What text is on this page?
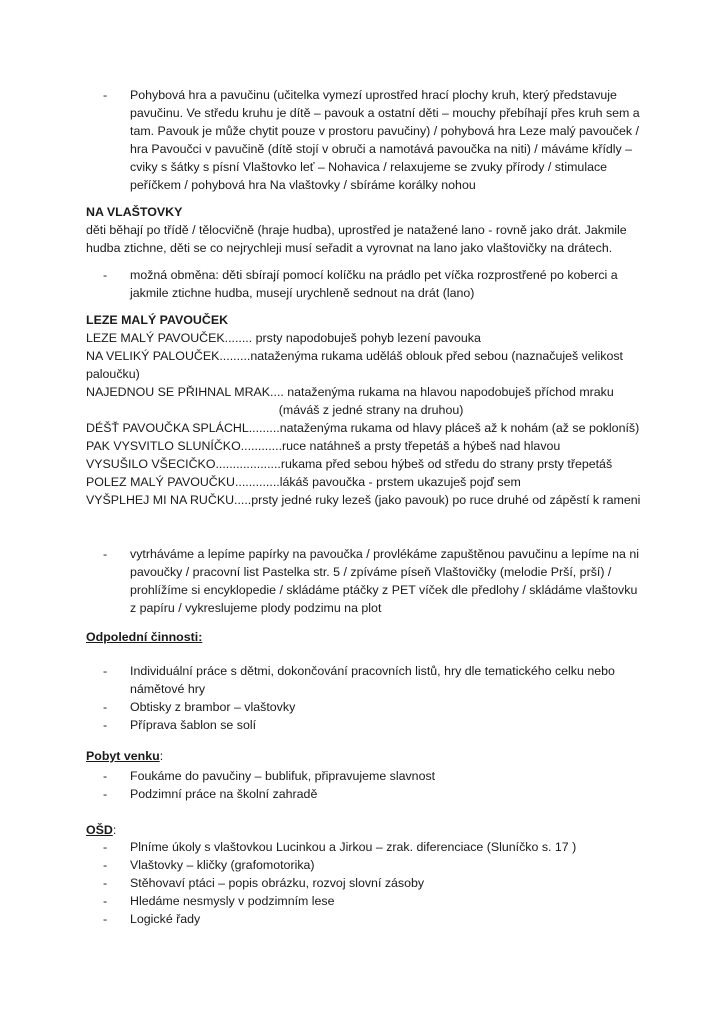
- Pohybová hra a pavučinu (učitelka vymezí uprostřed hrací plochy kruh, který představuje
pavučinu. Ve středu kruhu je dítě – pavouk a ostatní děti – mouchy přebíhají přes kruh sem a
tam. Pavouk je může chytit pouze v prostoru pavučiny) / pohybová hra Leze malý pavouček /
hra Pavoučci v pavučině (dítě stojí v obruči a namotává pavoučka na niti) / máváme křídly –
cviky s šátky s písní Vlaštovko leť – Nohavica / relaxujeme se zvuky přírody / stimulace
peříčkem / pohybová hra Na vlaštovky / sbíráme korálky nohou
NA VLAŠTOVKY
děti běhají po třídě / tělocvičně (hraje hudba), uprostřed je natažené lano - rovně jako drát. Jakmile
hudba ztichne, děti se co nejrychleji musí seřadit a vyrovnat na lano jako vlaštovičky na drátech.
- možná obměna: děti sbírají pomocí kolíčku na prádlo pet víčka rozprostřené po koberci a
jakmile ztichne hudba, musejí urychleně sednout na drát (lano)
LEZE MALÝ PAVOUČEK
LEZE MALÝ PAVOUČEK........ prsty napodobuješ pohyb lezení pavouka
NA VELIKÝ PALOUČEK.........nataženýma rukama uděláš oblouk před sebou (naznačuješ velikost
paloučku)
NAJEDNOU SE PŘIHNAL MRAK.... nataženýma rukama na hlavou napodobuješ příchod mraku
(máváš z jedné strany na druhou)
DÉŠŤ PAVOUČKA SPLÁCHL.........nataženýma rukama od hlavy pláceš až k nohám (až se pokloníš)
PAK VYSVITLO SLUNÍČKO............ruce natáhneš a prsty třepetáš a hýbeš nad hlavou
VYSUŠILO VŠECIČKO...................rukama před sebou hýbeš od středu do strany prsty třepetáš
POLEZ MALÝ PAVOUČKU.............lákáš pavoučka - prstem ukazuješ pojď sem
VYŠPLHEJ MI NA RUČKU.....prsty jedné ruky lezeš (jako pavouk) po ruce druhé od zápěstí k rameni
- vytrháváme a lepíme papírky na pavoučka / provlékáme zapuštěnou pavučinu a lepíme na ni
pavoučky / pracovní list Pastelka str. 5 / zpíváme píseň Vlaštovičky (melodie Prší, prší) /
prohlížíme si encyklopedie / skládáme ptáčky z PET víček dle předlohy / skládáme vlaštovku
z papíru / vykreslujeme plody podzimu na plot
Odpolední činnosti:
- Individuální práce s dětmi, dokončování pracovních listů, hry dle tematického celku nebo
námětové hry
- Obtisky z brambor – vlaštovky
- Příprava šablon se solí
Pobyt venku:
- Foukáme do pavučiny – bublifuk, připravujeme slavnost
- Podzimní práce na školní zahradě
OŠD:
- Plníme úkoly s vlaštovkou Lucinkou a Jirkou – zrak. diferenciace (Sluníčko s. 17 )
- Vlaštovky – kličky (grafomotorika)
- Stěhovaví ptáci – popis obrázku, rozvoj slovní zásoby
- Hledáme nesmysly v podzimním lese
- Logické řady
